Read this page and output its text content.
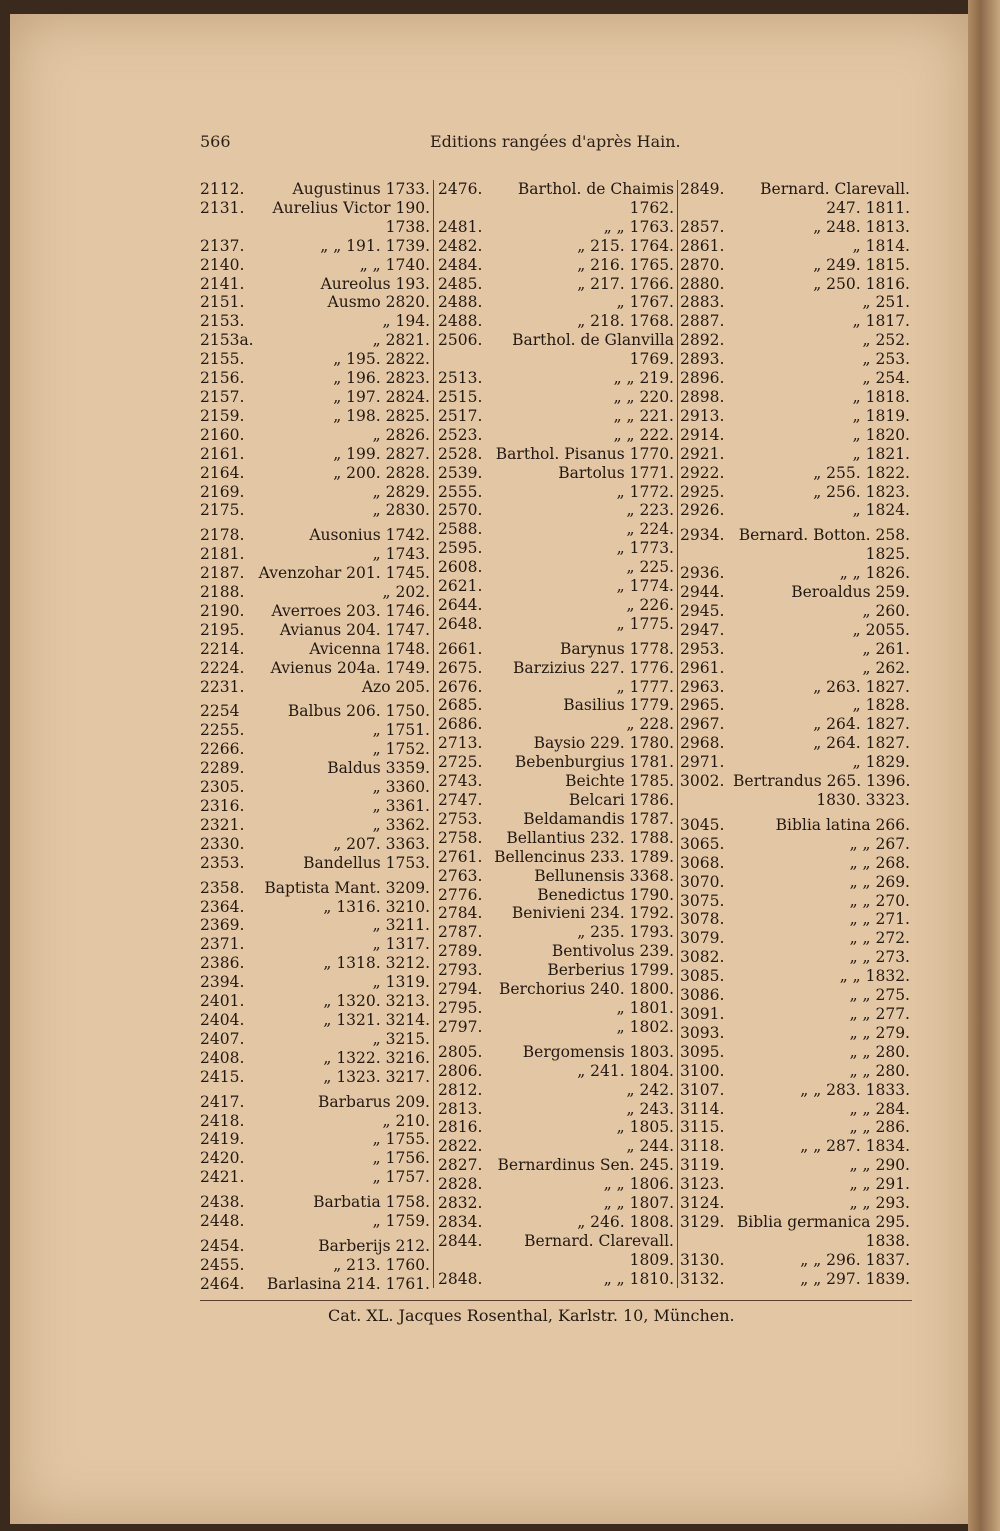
566	Editions rangées d'après Hain.
2112.	Augustinus 1733.
2131.	Aurelius Victor 190.
1738.
2137.	„ „ 191. 1739.
2140.	„ „ 1740.
2141.	Aureolus 193.
2151.	Ausmo 2820.
2153.	„ 194.
2153a.	„ 2821.
2155.	„ 195. 2822.
2156.	„ 196. 2823.
2157.	„ 197. 2824.
2159.	„ 198. 2825.
2160.	„ 2826.
2161.	„ 199. 2827.
2164.	„ 200. 2828.
2169.	„ 2829.
2175.	„ 2830.
2178.	Ausonius 1742.
2181.	„ 1743.
2187. Avenzohar 201. 1745.
2188.	„ 202.
2190.	Averroes 203. 1746.
2195.	Avianus 204. 1747.
2214.	Avicenna 1748.
2224.	Avienus 204a. 1749.
2231.	Azo 205.
2254	Balbus 206. 1750.
2255.	„ 1751.
2266.	„ 1752.
2289.	Baldus 3359.
2305.	„ 3360.
2316.	„ 3361.
2321.	„ 3362.
2330.	„ 207. 3363.
2353.	Bandellus 1753.
2358.	Baptista Mant. 3209.
2364.	„ 1316. 3210.
2369.	„ 3211.
2371.	„ 1317.
2386.	„ 1318. 3212.
2394.	„ 1319.
2401.	„ 1320. 3213.
2404.	„ 1321. 3214.
2407.	„ 3215.
2408.	„ 1322. 3216.
2415.	„ 1323. 3217.
2417.	Barbarus 209.
2418.	„ 210.
2419.	„ 1755.
2420.	„ 1756.
2421.	„ 1757.
2438.	Barbatia 1758.
2448.	„ 1759.
2454.	Barberijs 212.
2455.	„ 213. 1760.
2464.	Barlasina 214. 1761.
2476.	Barthol. de Chaimis
1762.
2481.	„ „ 1763.
2482.	„ 215. 1764.
2484.	„ 216. 1765.
2485.	„ 217. 1766.
2488.	„ 1767.
2488.	„ 218. 1768.
2506.	Barthol. de Glanvilla
1769.
2513.	„ „ 219.
2515.	„ „ 220.
2517.	„ „ 221.
2523.	„ „ 222.
2528. Barthol. Pisanus 1770.
2539.	Bartolus 1771.
2555.	„ 1772.
2570.	„ 223.
2588.	„ 224.
2595.	„ 1773.
2608.	„ 225.
2621.	„ 1774.
2644.	„ 226.
2648.	„ 1775.
2661.	Barynus 1778.
2675.	Barzizius 227. 1776.
2676.	„ 1777.
2685.	Basilius 1779.
2686.	„ 228.
2713.	Baysio 229. 1780.
2725.	Bebenburgius 1781.
2743.	Beichte 1785.
2747.	Belcari 1786.
2753.	Beldamandis 1787.
2758.	Bellantius 232. 1788.
2761. Bellencinus 233. 1789.
2763.	Bellunensis 3368.
2776.	Benedictus 1790.
2784.	Benivieni 234. 1792.
2787.	„ 235. 1793.
2789.	Bentivolus 239.
2793.	Berberius 1799.
2794.	Berchorius 240. 1800.
2795.	„ 1801.
2797.	„ 1802.
2805.	Bergomensis 1803.
2806.	„ 241. 1804.
2812.	„ 242.
2813.	„ 243.
2816.	„ 1805.
2822.	„ 244.
2827. Bernardinus Sen. 245.
2828.	„ „ 1806.
2832.	„ „ 1807.
2834.	„ 246. 1808.
2844.	Bernard. Clarevall.
1809.
2848.	„ „ 1810.
2849.	Bernard. Clarevall.
247. 1811.
2857.	„ 248. 1813.
2861.	„ 1814.
2870.	„ 249. 1815.
2880.	„ 250. 1816.
2883.	„ 251.
2887.	„ 1817.
2892.	„ 252.
2893.	„ 253.
2896.	„ 254.
2898.	„ 1818.
2913.	„ 1819.
2914.	„ 1820.
2921.	„ 1821.
2922.	„ 255. 1822.
2925.	„ 256. 1823.
2926.	„ 1824.
2934. Bernard. Botton. 258.
1825.
2936.	„ „ 1826.
2944.	Beroaldus 259.
2945.	„ 260.
2947.	„ 2055.
2953.	„ 261.
2961.	„ 262.
2963.	„ 263. 1827.
2965.	„ 1828.
2967.	„ 264. 1827.
2968.	„ 264. 1827.
2971.	„ 1829.
3002. Bertrandus 265. 1396.
1830. 3323.
3045.	Biblia latina 266.
3065.	„ „ 267.
3068.	„ „ 268.
3070.	„ „ 269.
3075.	„ „ 270.
3078.	„ „ 271.
3079.	„ „ 272.
3082.	„ „ 273.
3085.	„ „ 1832.
3086.	„ „ 275.
3091.	„ „ 277.
3093.	„ „ 279.
3095.	„ „ 280.
3100.	„ „ 280.
3107.	„ „ 283. 1833.
3114.	„ „ 284.
3115.	„ „ 286.
3118.	„ „ 287. 1834.
3119.	„ „ 290.
3123.	„ „ 291.
3124.	„ „ 293.
3129. Biblia germanica 295.
1838.
3130.	„ „ 296. 1837.
3132.	„ „ 297. 1839.
Cat. XL. Jacques Rosenthal, Karlstr. 10, München.
